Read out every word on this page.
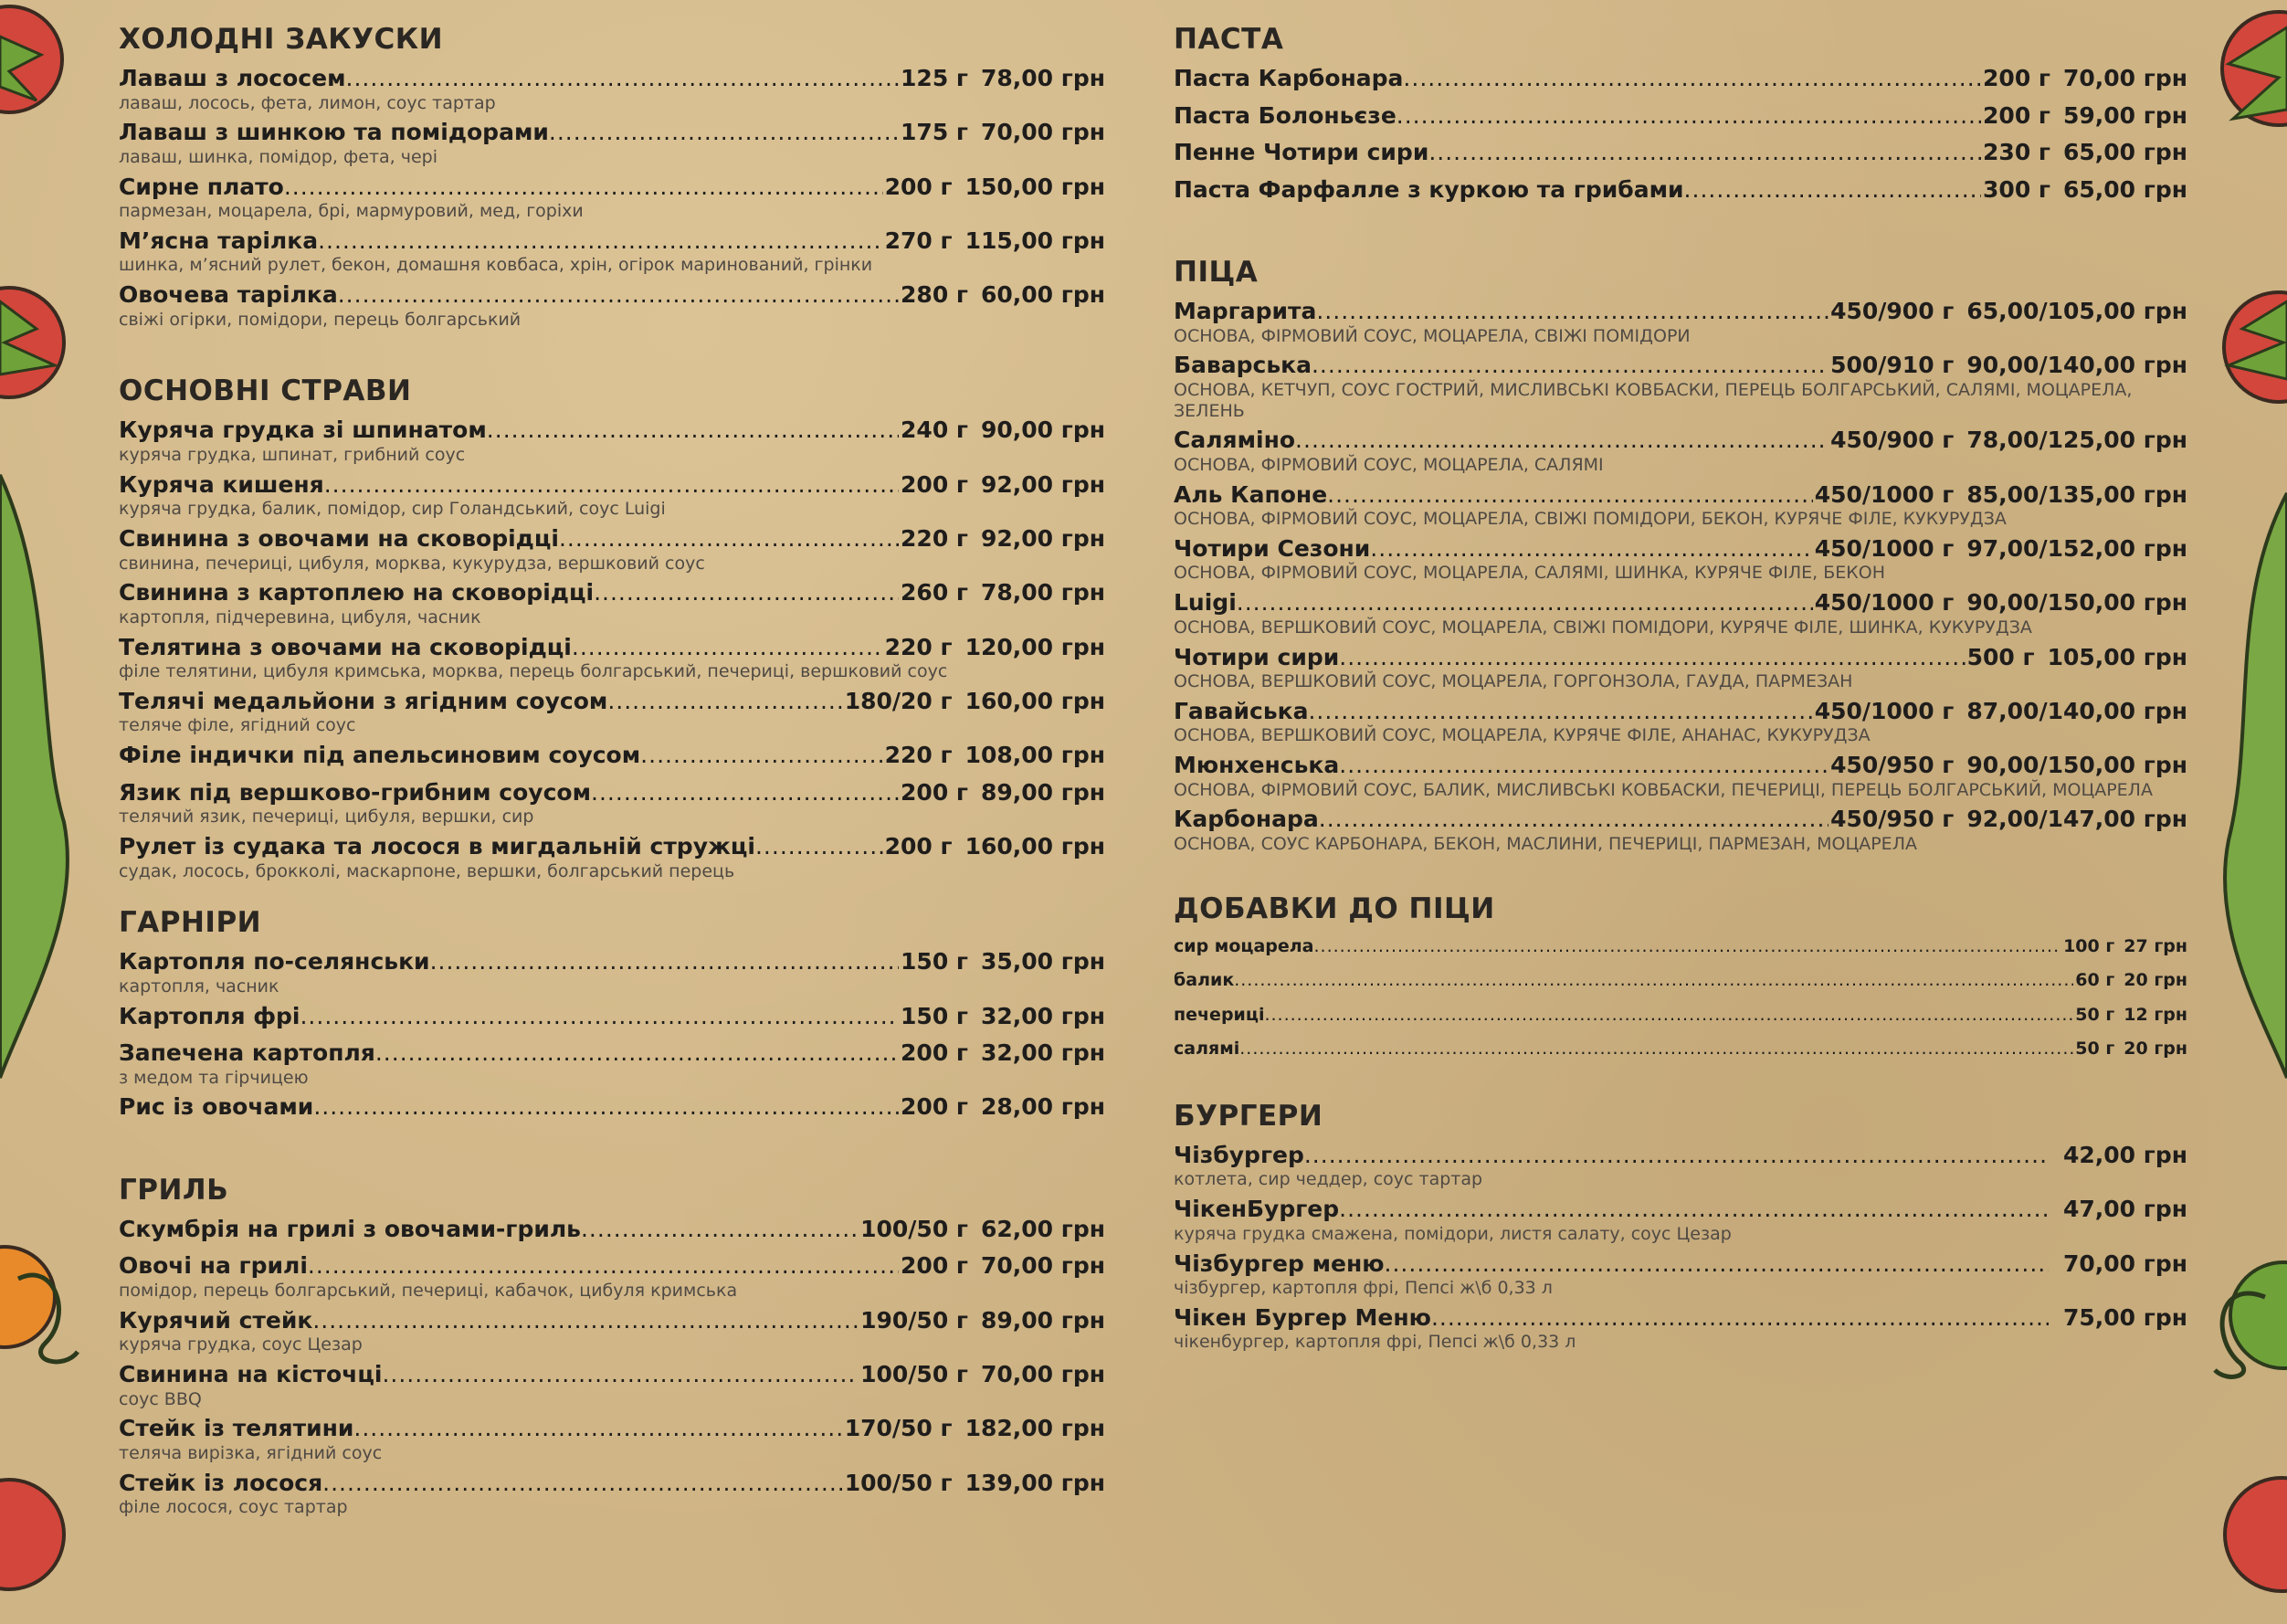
ХОЛОДНІ ЗАКУСКИ
Лаваш з лососем .....	125 г 78,00 грн
лаваш, лосось, фета, лимон, соус тартар
Лаваш з шинкою та помідорами .....	175 г 70,00 грн
лаваш, шинка, помідор, фета, чері
Сирне плато .....	200 г 150,00 грн
пармезан, моцарела, брі, мармуровий, мед, горіхи
М’ясна тарілка .....	270 г 115,00 грн
шинка, м’ясний рулет, бекон, домашня ковбаса, хрін, огірок маринований, грінки
Овочева тарілка .....	280 г 60,00 грн
свіжі огірки, помідори, перець болгарський
ОСНОВНІ СТРАВИ
Куряча грудка зі шпинатом .....	240 г 90,00 грн
куряча грудка, шпинат, грибний соус
Куряча кишеня .....	200 г 92,00 грн
куряча грудка, балик, помідор, сир Голандський, соус Luigi
Свинина з овочами на сковорідці .....	220 г 92,00 грн
свинина, печериці, цибуля, морква, кукурудза, вершковий соус
Свинина з картоплею на сковорідці .....	260 г 78,00 грн
картопля, підчеревина, цибуля, часник
Телятина з овочами на сковорідці .....	220 г 120,00 грн
філе телятини, цибуля кримська, морква, перець болгарський, печериці, вершковий соус
Телячі медальйони з ягідним соусом .....	180/20 г 160,00 грн
теляче філе, ягідний соус
Філе індички під апельсиновим соусом .....	220 г 108,00 грн
Язик під вершково-грибним соусом .....	200 г 89,00 грн
телячий язик, печериці, цибуля, вершки, сир
Рулет із судака та лосося в мигдальній стружці .....	200 г 160,00 грн
судак, лосось, брокколі, маскарпоне, вершки, болгарський перець
ГАРНІРИ
Картопля по-селянськи .....	150 г 35,00 грн
картопля, часник
Картопля фрі .....	150 г 32,00 грн
Запечена картопля .....	200 г 32,00 грн
з медом та гірчицею
Рис із овочами .....	200 г 28,00 грн
ГРИЛЬ
Скумбрія на грилі з овочами-гриль .....	100/50 г 62,00 грн
Овочі на грилі .....	200 г 70,00 грн
помідор, перець болгарський, печериці, кабачок, цибуля кримська
Курячий стейк .....	190/50 г 89,00 грн
куряча грудка, соус Цезар
Свинина на кісточці .....	100/50 г 70,00 грн
соус BBQ
Стейк із телятини .....	170/50 г 182,00 грн
теляча вирізка, ягідний соус
Стейк із лосося .....	100/50 г 139,00 грн
філе лосося, соус тартар
ПАСТА
Паста Карбонара .....	200 г 70,00 грн
Паста Болоньєзе .....	200 г 59,00 грн
Пенне Чотири сири .....	230 г 65,00 грн
Паста Фарфалле з куркою та грибами .....	300 г 65,00 грн
ПІЦА
Маргарита .....	450/900 г 65,00/105,00 грн
ОСНОВА, ФІРМОВИЙ СОУС, МОЦАРЕЛА, СВІЖІ ПОМІДОРИ
Баварська .....	500/910 г 90,00/140,00 грн
ОСНОВА, КЕТЧУП, СОУС ГОСТРИЙ, МИСЛИВСЬКІ КОВБАСКИ, ПЕРЕЦЬ БОЛГАРСЬКИЙ, САЛЯМІ, МОЦАРЕЛА, ЗЕЛЕНЬ
Саляміно .....	450/900 г 78,00/125,00 грн
ОСНОВА, ФІРМОВИЙ СОУС, МОЦАРЕЛА, САЛЯМІ
Аль Капоне .....	450/1000 г 85,00/135,00 грн
ОСНОВА, ФІРМОВИЙ СОУС, МОЦАРЕЛА, СВІЖІ ПОМІДОРИ, БЕКОН, КУРЯЧЕ ФІЛЕ, КУКУРУДЗА
Чотири Сезони .....	450/1000 г 97,00/152,00 грн
ОСНОВА, ФІРМОВИЙ СОУС, МОЦАРЕЛА, САЛЯМІ, ШИНКА, КУРЯЧЕ ФІЛЕ, БЕКОН
Luigi .....	450/1000 г 90,00/150,00 грн
ОСНОВА, ВЕРШКОВИЙ СОУС, МОЦАРЕЛА, СВІЖІ ПОМІДОРИ, КУРЯЧЕ ФІЛЕ, ШИНКА, КУКУРУДЗА
Чотири сири .....	500 г 105,00 грн
ОСНОВА, ВЕРШКОВИЙ СОУС, МОЦАРЕЛА, ГОРГОНЗОЛА, ГАУДА, ПАРМЕЗАН
Гавайська .....	450/1000 г 87,00/140,00 грн
ОСНОВА, ВЕРШКОВИЙ СОУС, МОЦАРЕЛА, КУРЯЧЕ ФІЛЕ, АНАНАС, КУКУРУДЗА
Мюнхенська .....	450/950 г 90,00/150,00 грн
ОСНОВА, ФІРМОВИЙ СОУС, БАЛИК, МИСЛИВСЬКІ КОВБАСКИ, ПЕЧЕРИЦІ, ПЕРЕЦЬ БОЛГАРСЬКИЙ, МОЦАРЕЛА
Карбонара .....	450/950 г 92,00/147,00 грн
ОСНОВА, СОУС КАРБОНАРА, БЕКОН, МАСЛИНИ, ПЕЧЕРИЦІ, ПАРМЕЗАН, МОЦАРЕЛА
ДОБАВКИ ДО ПІЦИ
сир моцарела .....	100 г 27 грн
балик .....	60 г 20 грн
печериці .....	50 г 12 грн
салямі .....	50 г 20 грн
БУРГЕРИ
Чізбургер .....	42,00 грн
котлета, сир чеддер, соус тартар
ЧікенБургер .....	47,00 грн
куряча грудка смажена, помідори, листя салату, соус Цезар
Чізбургер меню .....	70,00 грн
чізбургер, картопля фрі, Пепсі ж\б 0,33 л
Чікен Бургер Меню .....	75,00 грн
чікенбургер, картопля фрі, Пепсі ж\б 0,33 л
